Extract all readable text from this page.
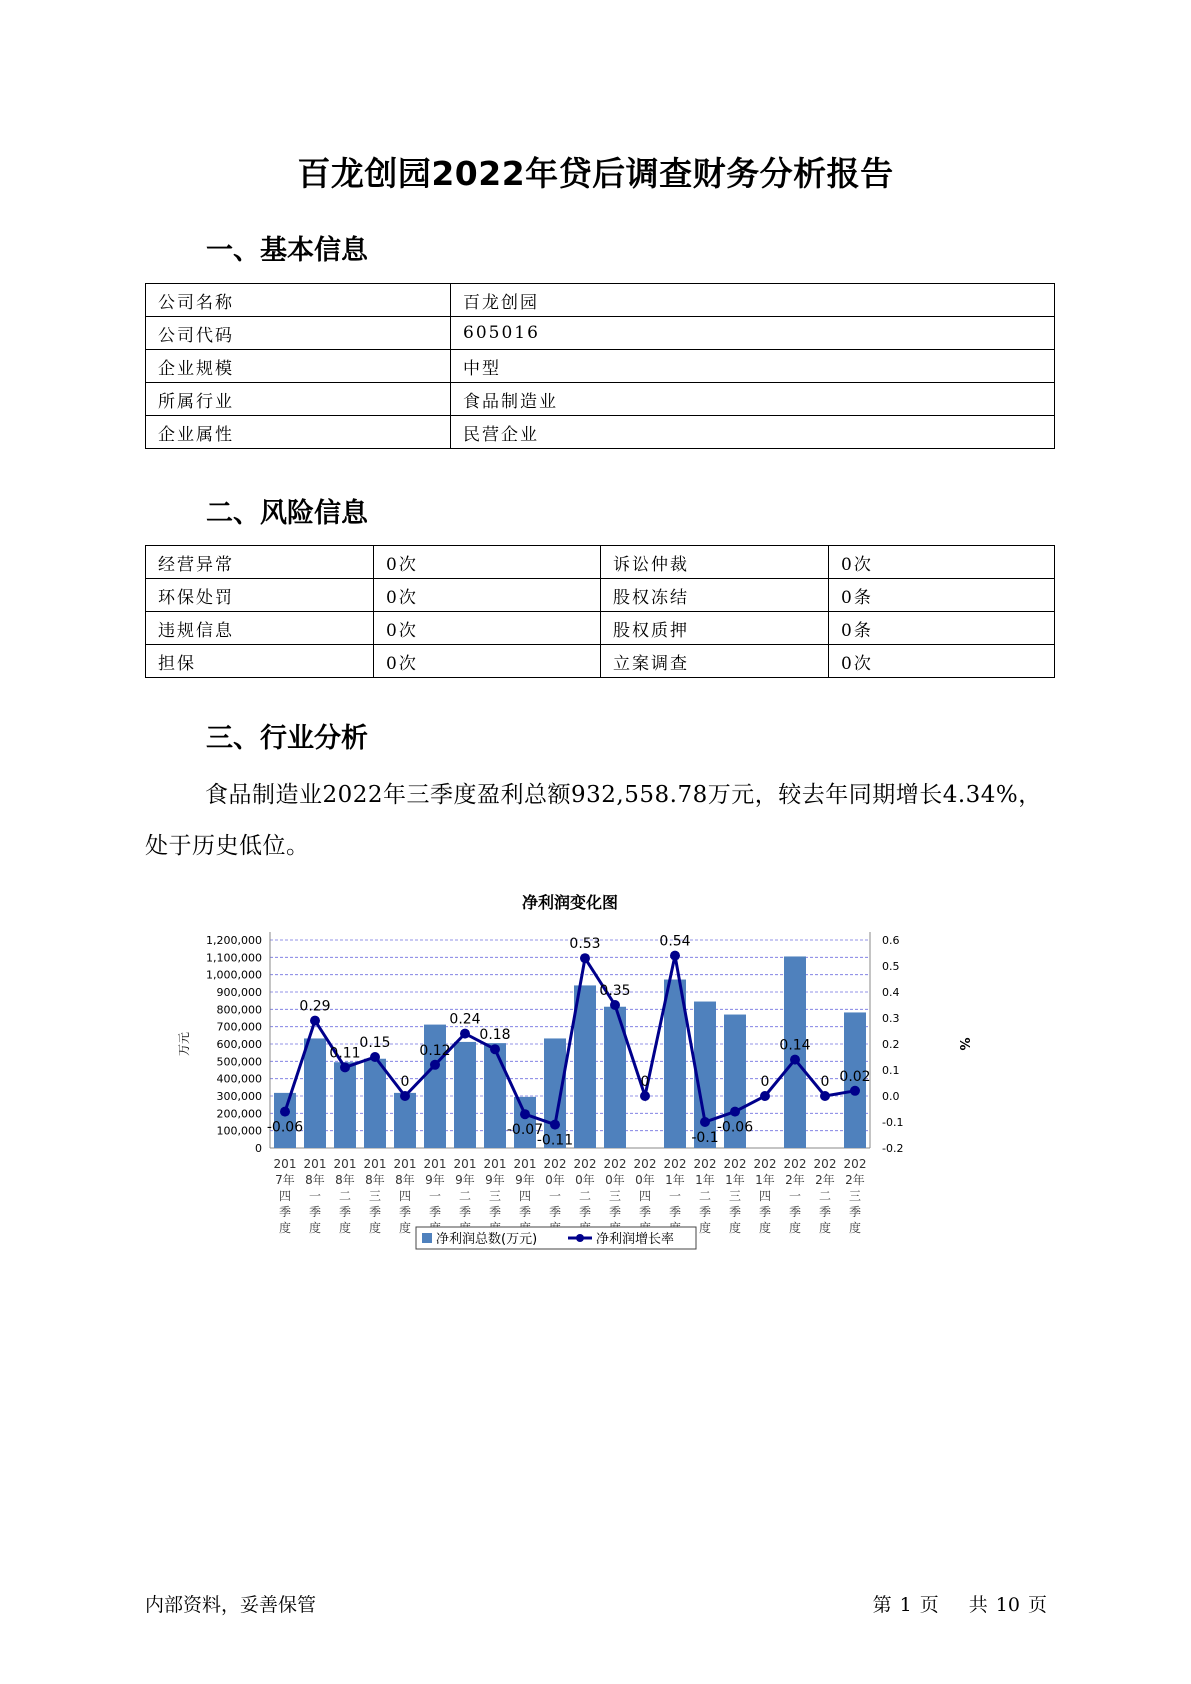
百龙创园2022年贷后调查财务分析报告
一、基本信息
公司名称	百龙创园
公司代码	605016
企业规模	中型
所属行业	食品制造业
企业属性	民营企业
二、风险信息
经营异常	0次	诉讼仲裁	0次
环保处罚	0次	股权冻结	0条
违规信息	0次	股权质押	0条
担保	0次	立案调查	0次
三、行业分析
食品制造业2022年三季度盈利总额932,558.78万元，较去年同期增长4.34%，处于历史低位。
净利润变化图
1,200,000
1,100,000
1,000,000
900,000
800,000
700,000
600,000
500,000
400,000
300,000
200,000
100,000
0
0.6
0.5
0.4
0.3
0.2
0.1
0.0
-0.1
-0.2
万元	%
201 7年四季度
201 8年一季度
201 8年二季度
201 8年三季度
201 8年四季度
201 9年一季
201 9年二季
201 9年三季
201 9年四季
202 0年一季
202 0年二季
202 0年三季
202 0年四季
202 1年一季
202 1年二季度
202 1年三季度
202 1年四季度
202 2年一季度
202 2年二季度
202 2年三季度
-0.06
0.29
0.11
0.15
0
0.12
0.24
0.18
-0.07
-0.11
0.53
0.35
0
0.54
-0.1
-0.06
0
0.14
0 0.02
净利润总数(万元)	净利润增长率
内部资料，妥善保管	第 1 页 共 10 页
